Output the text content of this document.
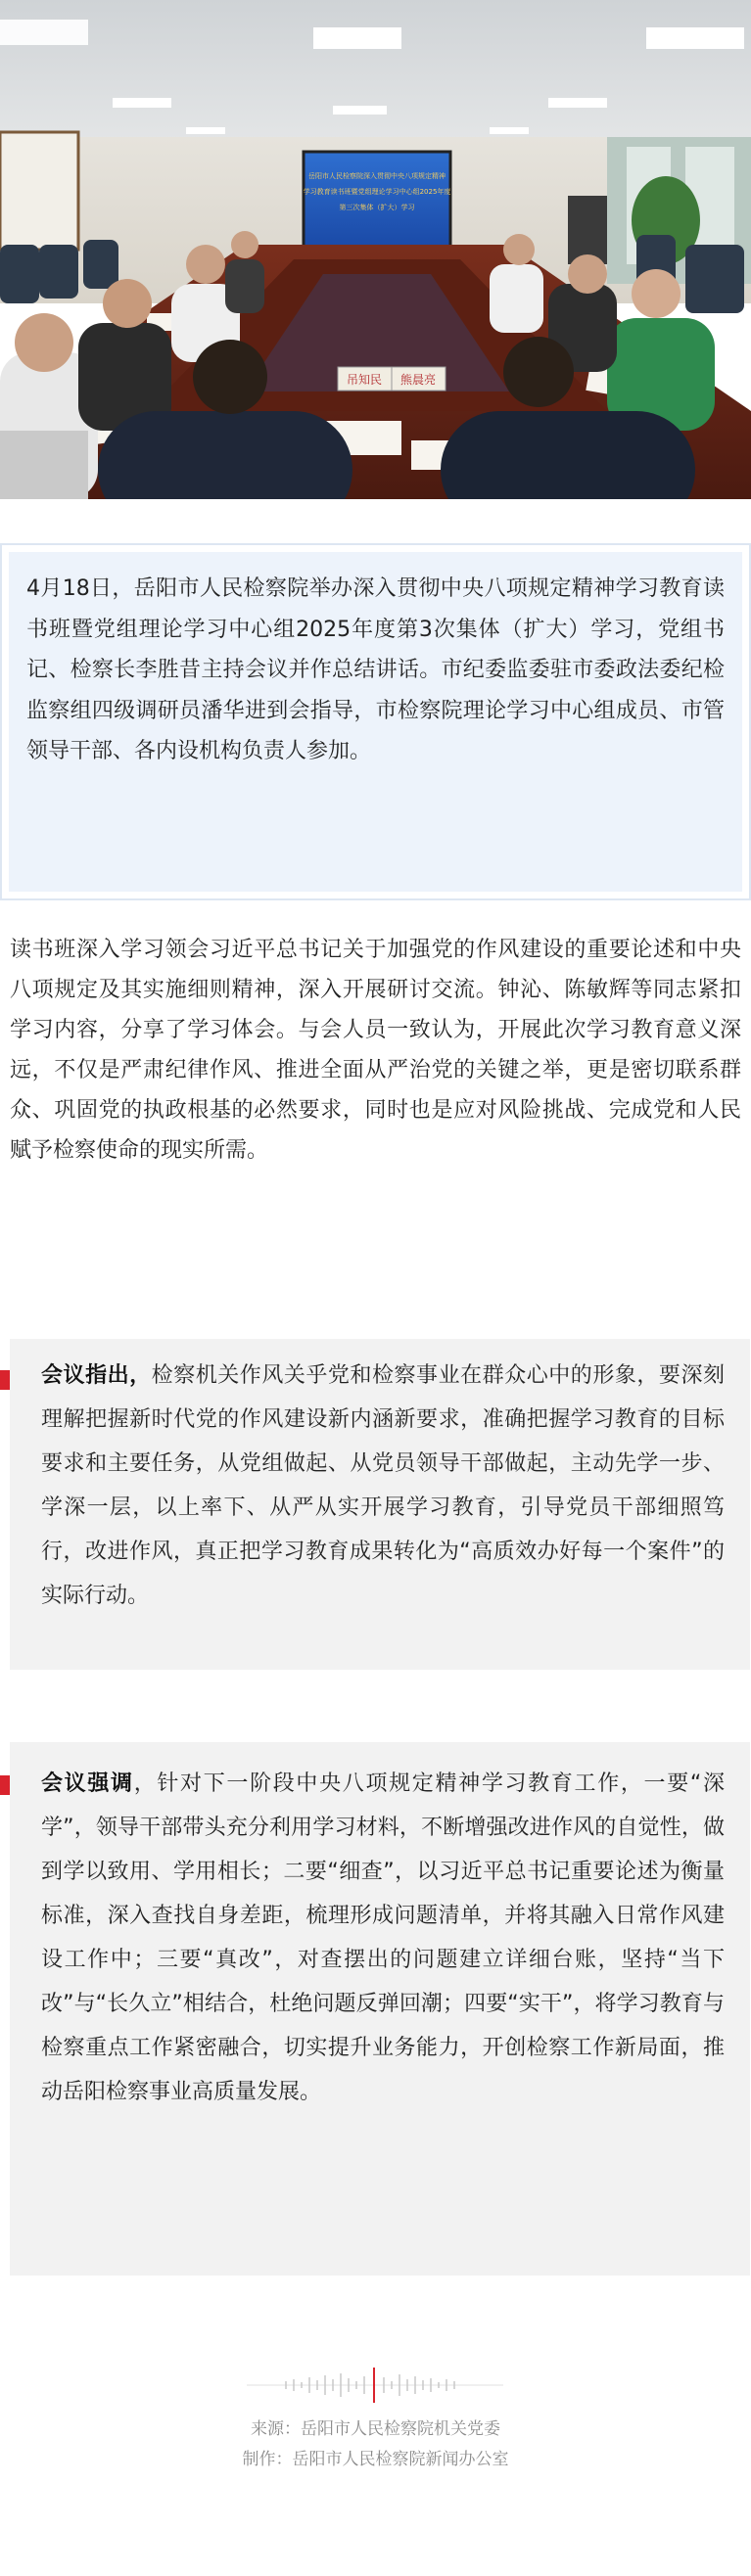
岳阳市人民检察院深入贯彻中央八项规定精神
学习教育读书班暨党组理论学习中心组2025年度
第三次集体（扩大）学习
吊知民 熊晨亮
4月18日，岳阳市人民检察院举办深入贯彻中央八项规定精神学习教育读书班暨党组理论学习中心组2025年度第3次集体（扩大）学习，党组书记、检察长李胜昔主持会议并作总结讲话。市纪委监委驻市委政法委纪检监察组四级调研员潘华进到会指导，市检察院理论学习中心组成员、市管领导干部、各内设机构负责人参加。

读书班深入学习领会习近平总书记关于加强党的作风建设的重要论述和中央八项规定及其实施细则精神，深入开展研讨交流。钟沁、陈敏辉等同志紧扣学习内容，分享了学习体会。与会人员一致认为，开展此次学习教育意义深远，不仅是严肃纪律作风、推进全面从严治党的关键之举，更是密切联系群众、巩固党的执政根基的必然要求，同时也是应对风险挑战、完成党和人民赋予检察使命的现实所需。

会议指出，检察机关作风关乎党和检察事业在群众心中的形象，要深刻理解把握新时代党的作风建设新内涵新要求，准确把握学习教育的目标要求和主要任务，从党组做起、从党员领导干部做起，主动先学一步、学深一层，以上率下、从严从实开展学习教育，引导党员干部细照笃行，改进作风，真正把学习教育成果转化为“高质效办好每一个案件”的实际行动。

会议强调，针对下一阶段中央八项规定精神学习教育工作，一要“深学”，领导干部带头充分利用学习材料，不断增强改进作风的自觉性，做到学以致用、学用相长；二要“细查”，以习近平总书记重要论述为衡量标准，深入查找自身差距，梳理形成问题清单，并将其融入日常作风建设工作中；三要“真改”，对查摆出的问题建立详细台账，坚持“当下改”与“长久立”相结合，杜绝问题反弹回潮；四要“实干”，将学习教育与检察重点工作紧密融合，切实提升业务能力，开创检察工作新局面，推动岳阳检察事业高质量发展。

来源：岳阳市人民检察院机关党委
制作：岳阳市人民检察院新闻办公室
